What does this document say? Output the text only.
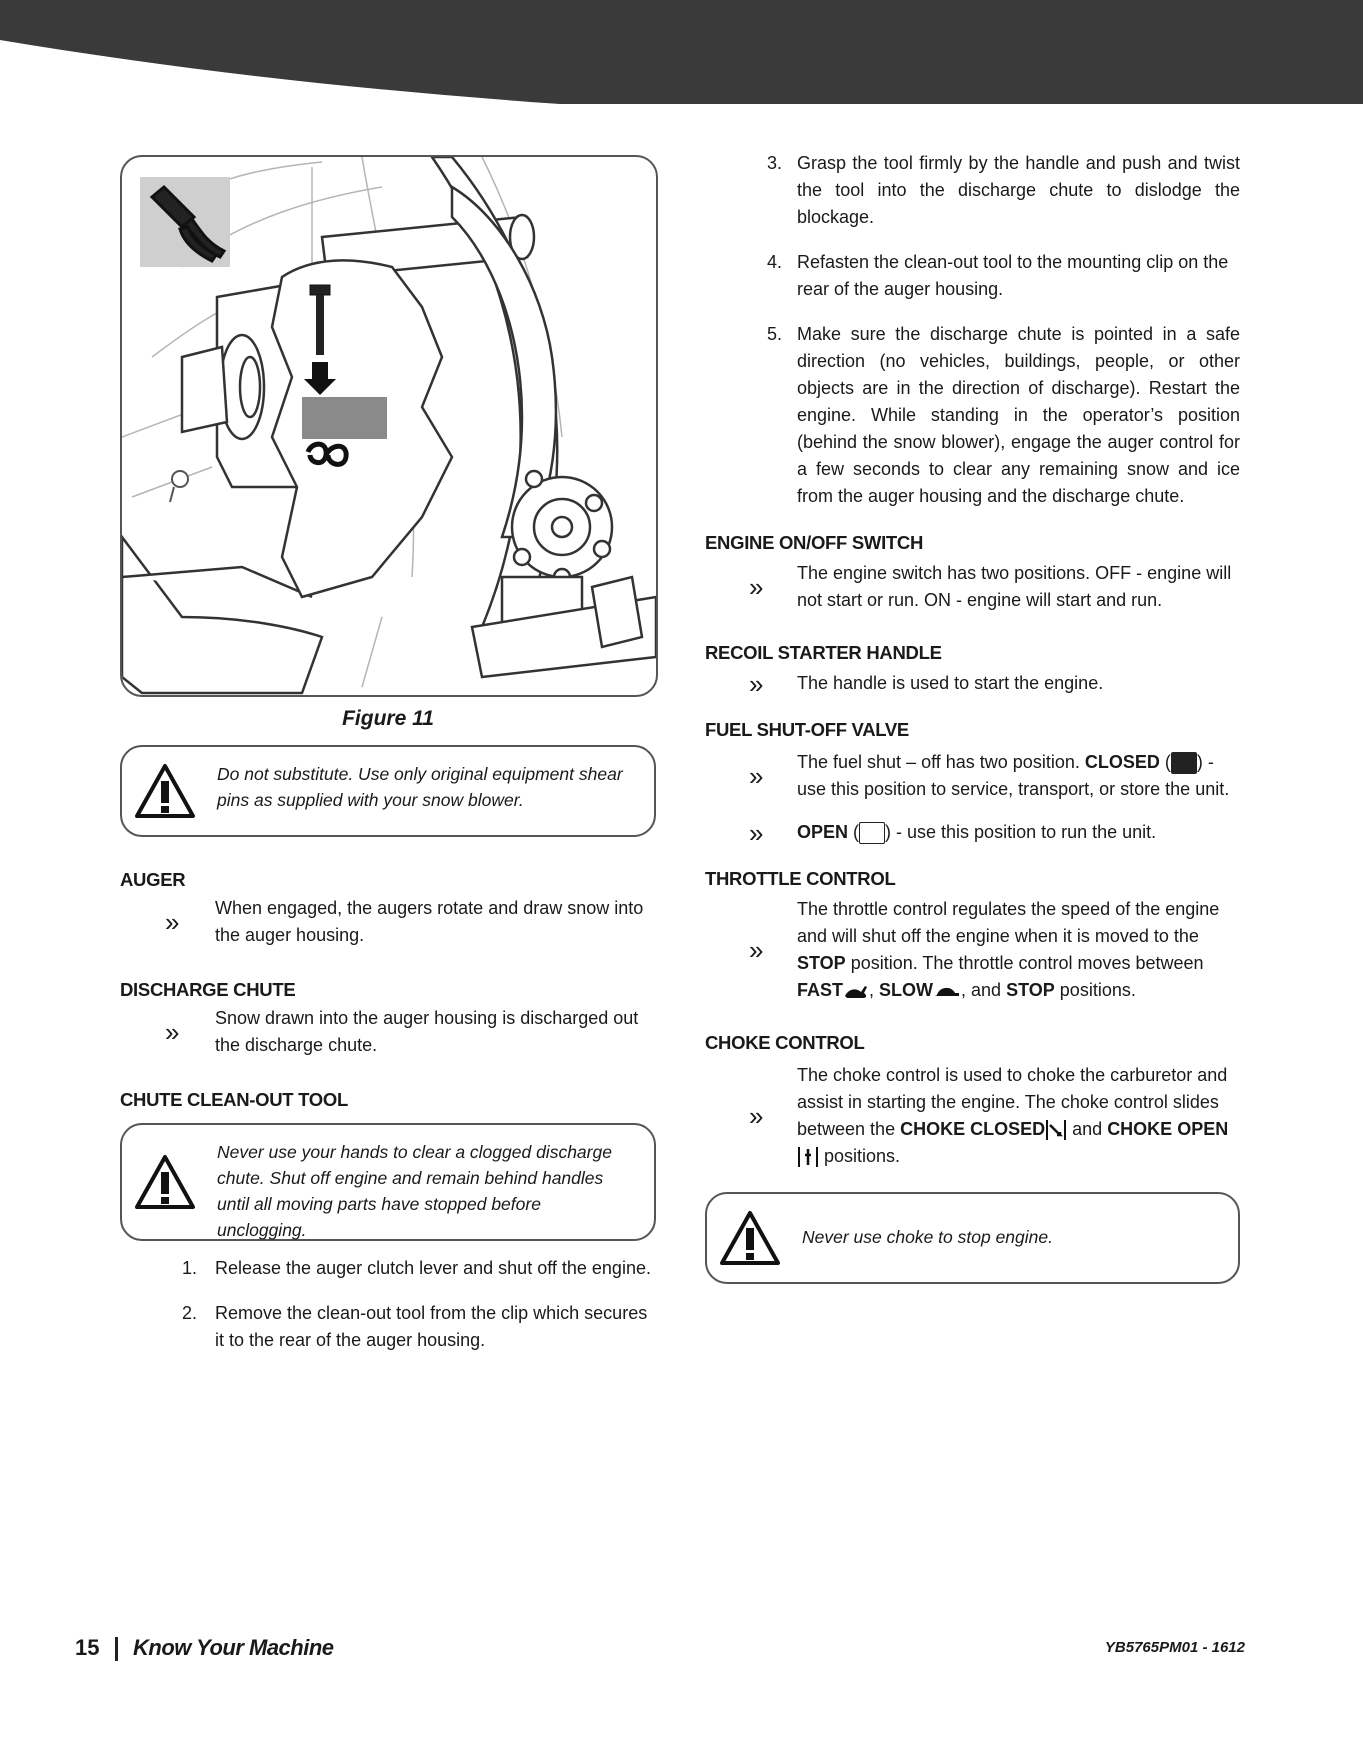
Figure 11
Do not substitute. Use only original equipment shear pins as supplied with your snow blower.
AUGER
» When engaged, the augers rotate and draw snow into the auger housing.
DISCHARGE CHUTE
» Snow drawn into the auger housing is discharged out the discharge chute.
CHUTE CLEAN-OUT TOOL
Never use your hands to clear a clogged discharge chute. Shut off engine and remain behind handles until all moving parts have stopped before unclogging.
1. Release the auger clutch lever and shut off the engine.
2. Remove the clean-out tool from the clip which secures it to the rear of the auger housing.
3. Grasp the tool firmly by the handle and push and twist the tool into the discharge chute to dislodge the blockage.
4. Refasten the clean-out tool to the mounting clip on the rear of the auger housing.
5. Make sure the discharge chute is pointed in a safe direction (no vehicles, buildings, people, or other objects are in the direction of discharge). Restart the engine. While standing in the operator’s position (behind the snow blower), engage the auger control for a few seconds to clear any remaining snow and ice from the auger housing and the discharge chute.
ENGINE ON/OFF SWITCH
» The engine switch has two positions. OFF - engine will not start or run. ON - engine will start and run.
RECOIL STARTER HANDLE
» The handle is used to start the engine.
FUEL SHUT-OFF VALVE
» The fuel shut – off has two position. CLOSED ( ) - use this position to service, transport, or store the unit.
» OPEN ( ) - use this position to run the unit.
THROTTLE CONTROL
»
The throttle control regulates the speed of the engine and will shut off the engine when it is moved to the STOP position. The throttle control moves between FAST , SLOW , and STOP positions.
CHOKE CONTROL
»
The choke control is used to choke the carburetor and assist in starting the engine. The choke control slides between the CHOKE CLOSED and CHOKE OPEN  positions.
Never use choke to stop engine.
15 Know Your Machine	YB5765PM01 - 1612
